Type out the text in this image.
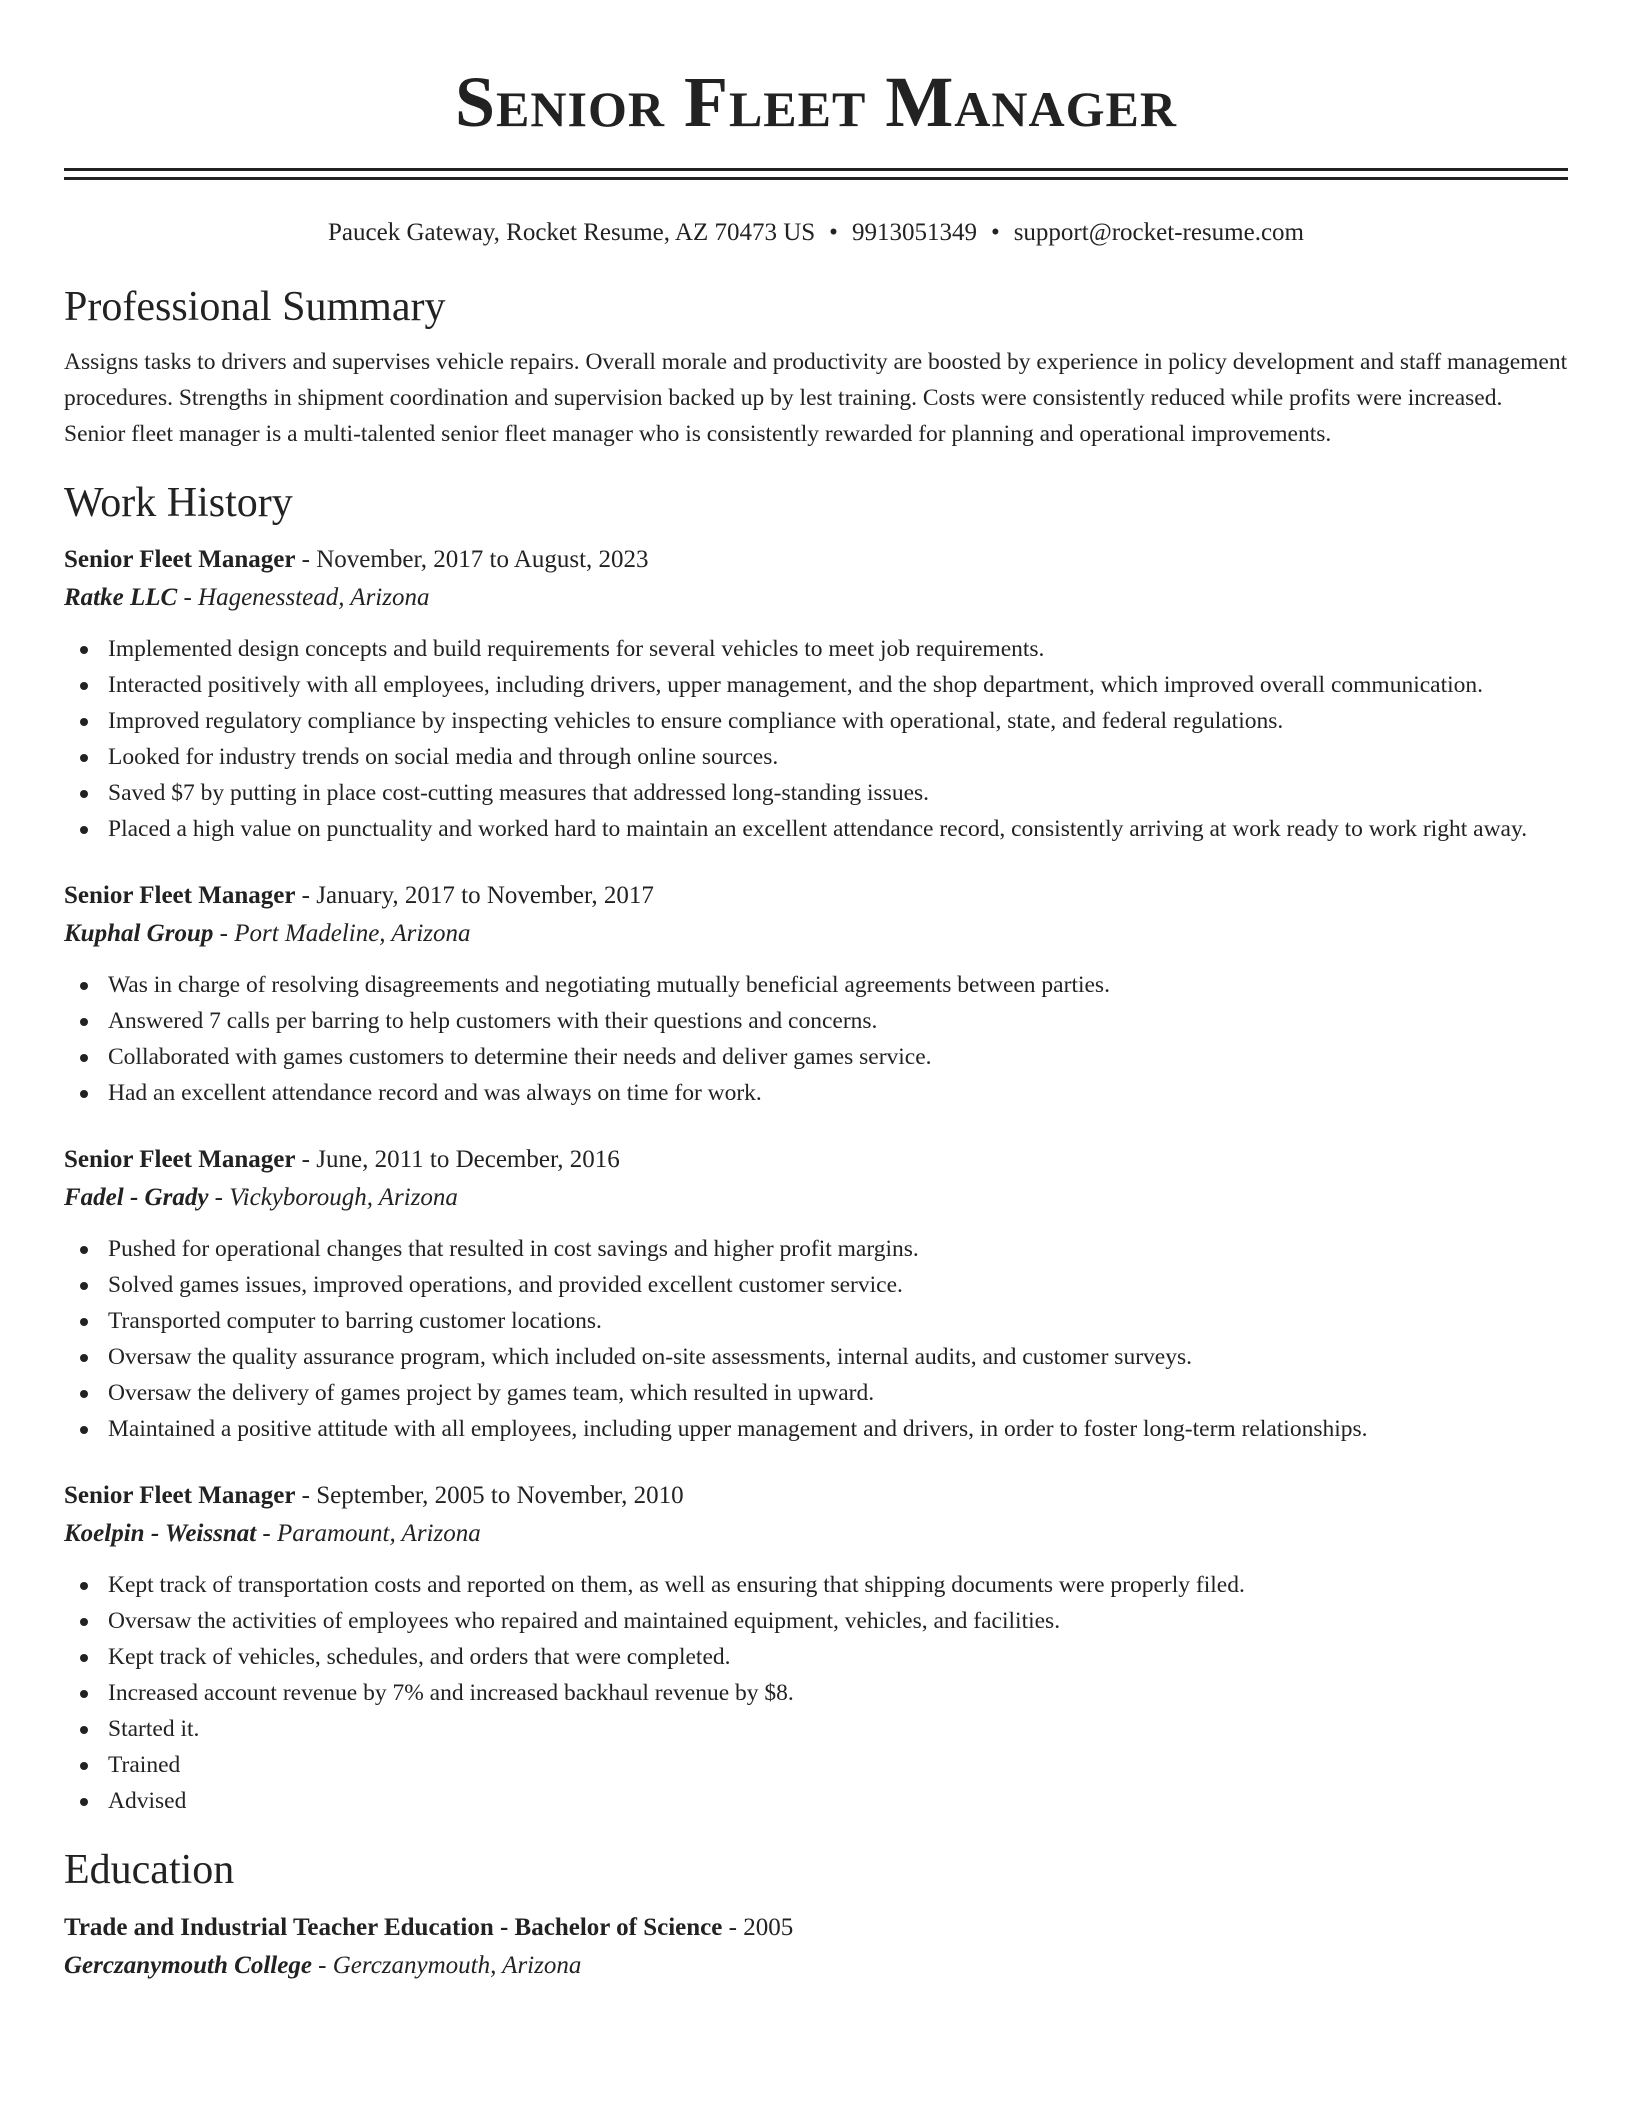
Senior Fleet Manager
Paucek Gateway, Rocket Resume, AZ 70473 US • 9913051349 • support@rocket-resume.com
Professional Summary

Assigns tasks to drivers and supervises vehicle repairs. Overall morale and productivity are boosted by experience in policy development and staff management procedures. Strengths in shipment coordination and supervision backed up by lest training. Costs were consistently reduced while profits were increased. Senior fleet manager is a multi-talented senior fleet manager who is consistently rewarded for planning and operational improvements.

Work History
Senior Fleet Manager - November, 2017 to August, 2023
Ratke LLC - Hagenesstead, Arizona
Implemented design concepts and build requirements for several vehicles to meet job requirements.
Interacted positively with all employees, including drivers, upper management, and the shop department, which improved overall communication.
Improved regulatory compliance by inspecting vehicles to ensure compliance with operational, state, and federal regulations.
Looked for industry trends on social media and through online sources.
Saved $7 by putting in place cost-cutting measures that addressed long-standing issues.
Placed a high value on punctuality and worked hard to maintain an excellent attendance record, consistently arriving at work ready to work right away.
Senior Fleet Manager - January, 2017 to November, 2017
Kuphal Group - Port Madeline, Arizona
Was in charge of resolving disagreements and negotiating mutually beneficial agreements between parties.
Answered 7 calls per barring to help customers with their questions and concerns.
Collaborated with games customers to determine their needs and deliver games service.
Had an excellent attendance record and was always on time for work.
Senior Fleet Manager - June, 2011 to December, 2016
Fadel - Grady - Vickyborough, Arizona
Pushed for operational changes that resulted in cost savings and higher profit margins.
Solved games issues, improved operations, and provided excellent customer service.
Transported computer to barring customer locations.
Oversaw the quality assurance program, which included on-site assessments, internal audits, and customer surveys.
Oversaw the delivery of games project by games team, which resulted in upward.
Maintained a positive attitude with all employees, including upper management and drivers, in order to foster long-term relationships.
Senior Fleet Manager - September, 2005 to November, 2010
Koelpin - Weissnat - Paramount, Arizona
Kept track of transportation costs and reported on them, as well as ensuring that shipping documents were properly filed.
Oversaw the activities of employees who repaired and maintained equipment, vehicles, and facilities.
Kept track of vehicles, schedules, and orders that were completed.
Increased account revenue by 7% and increased backhaul revenue by $8.
Started it.
Trained
Advised
Education
Trade and Industrial Teacher Education - Bachelor of Science - 2005
Gerczanymouth College - Gerczanymouth, Arizona
